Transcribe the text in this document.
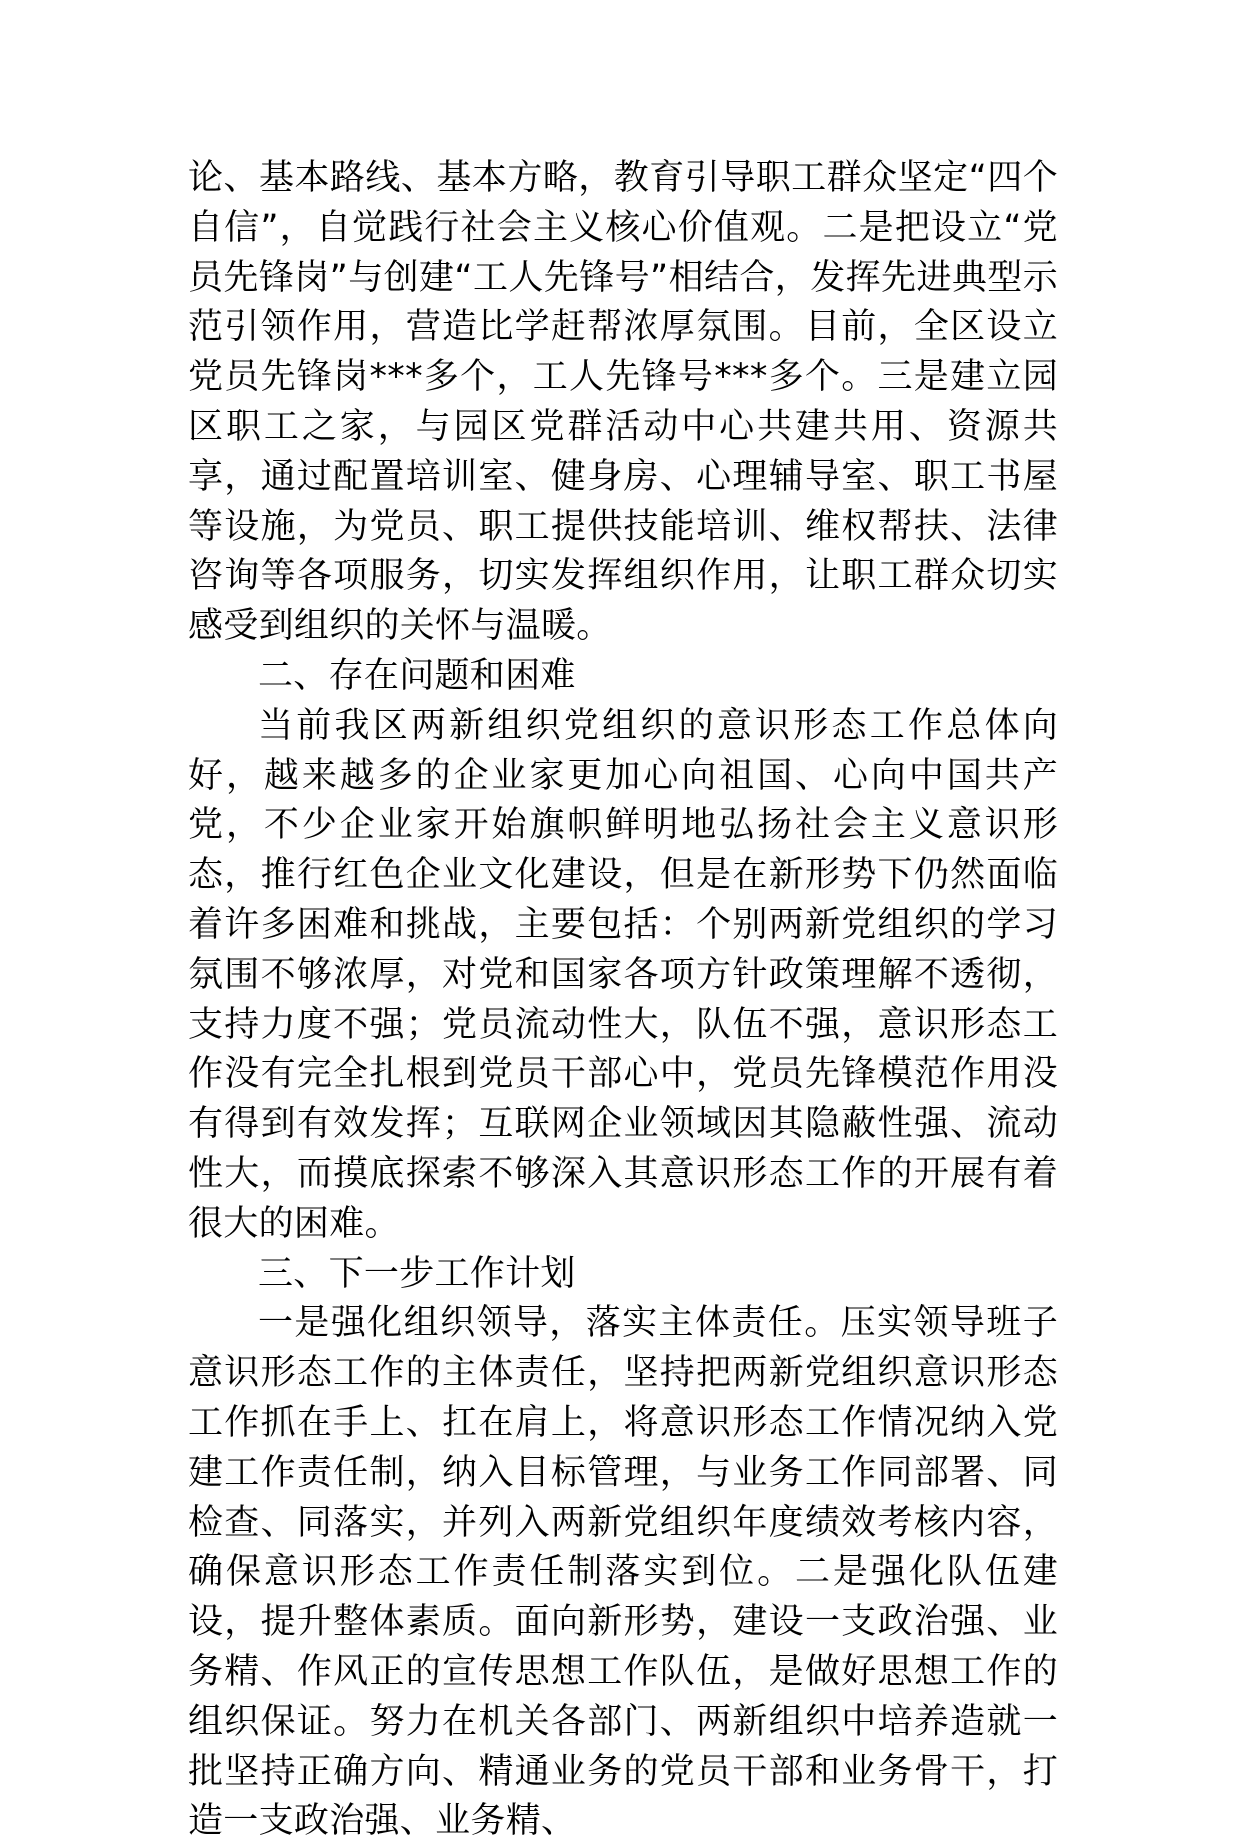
论、基本路线、基本方略，教育引导职工群众坚定“四个自信”，自觉践行社会主义核心价值观。二是把设立“党员先锋岗”与创建“工人先锋号”相结合，发挥先进典型示范引领作用，营造比学赶帮浓厚氛围。目前，全区设立党员先锋岗***多个，工人先锋号***多个。三是建立园区职工之家，与园区党群活动中心共建共用、资源共享，通过配置培训室、健身房、心理辅导室、职工书屋等设施，为党员、职工提供技能培训、维权帮扶、法律咨询等各项服务，切实发挥组织作用，让职工群众切实感受到组织的关怀与温暖。

二、存在问题和困难

当前我区两新组织党组织的意识形态工作总体向好，越来越多的企业家更加心向祖国、心向中国共产党，不少企业家开始旗帜鲜明地弘扬社会主义意识形态，推行红色企业文化建设，但是在新形势下仍然面临着许多困难和挑战，主要包括：个别两新党组织的学习氛围不够浓厚，对党和国家各项方针政策理解不透彻，支持力度不强；党员流动性大，队伍不强，意识形态工作没有完全扎根到党员干部心中，党员先锋模范作用没有得到有效发挥；互联网企业领域因其隐蔽性强、流动性大，而摸底探索不够深入其意识形态工作的开展有着很大的困难。

三、下一步工作计划

一是强化组织领导，落实主体责任。压实领导班子意识形态工作的主体责任，坚持把两新党组织意识形态工作抓在手上、扛在肩上，将意识形态工作情况纳入党建工作责任制，纳入目标管理，与业务工作同部署、同检查、同落实，并列入两新党组织年度绩效考核内容，确保意识形态工作责任制落实到位。二是强化队伍建设，提升整体素质。面向新形势，建设一支政治强、业务精、作风正的宣传思想工作队伍，是做好思想工作的组织保证。努力在机关各部门、两新组织中培养造就一批坚持正确方向、精通业务的党员干部和业务骨干，打造一支政治强、业务精、
